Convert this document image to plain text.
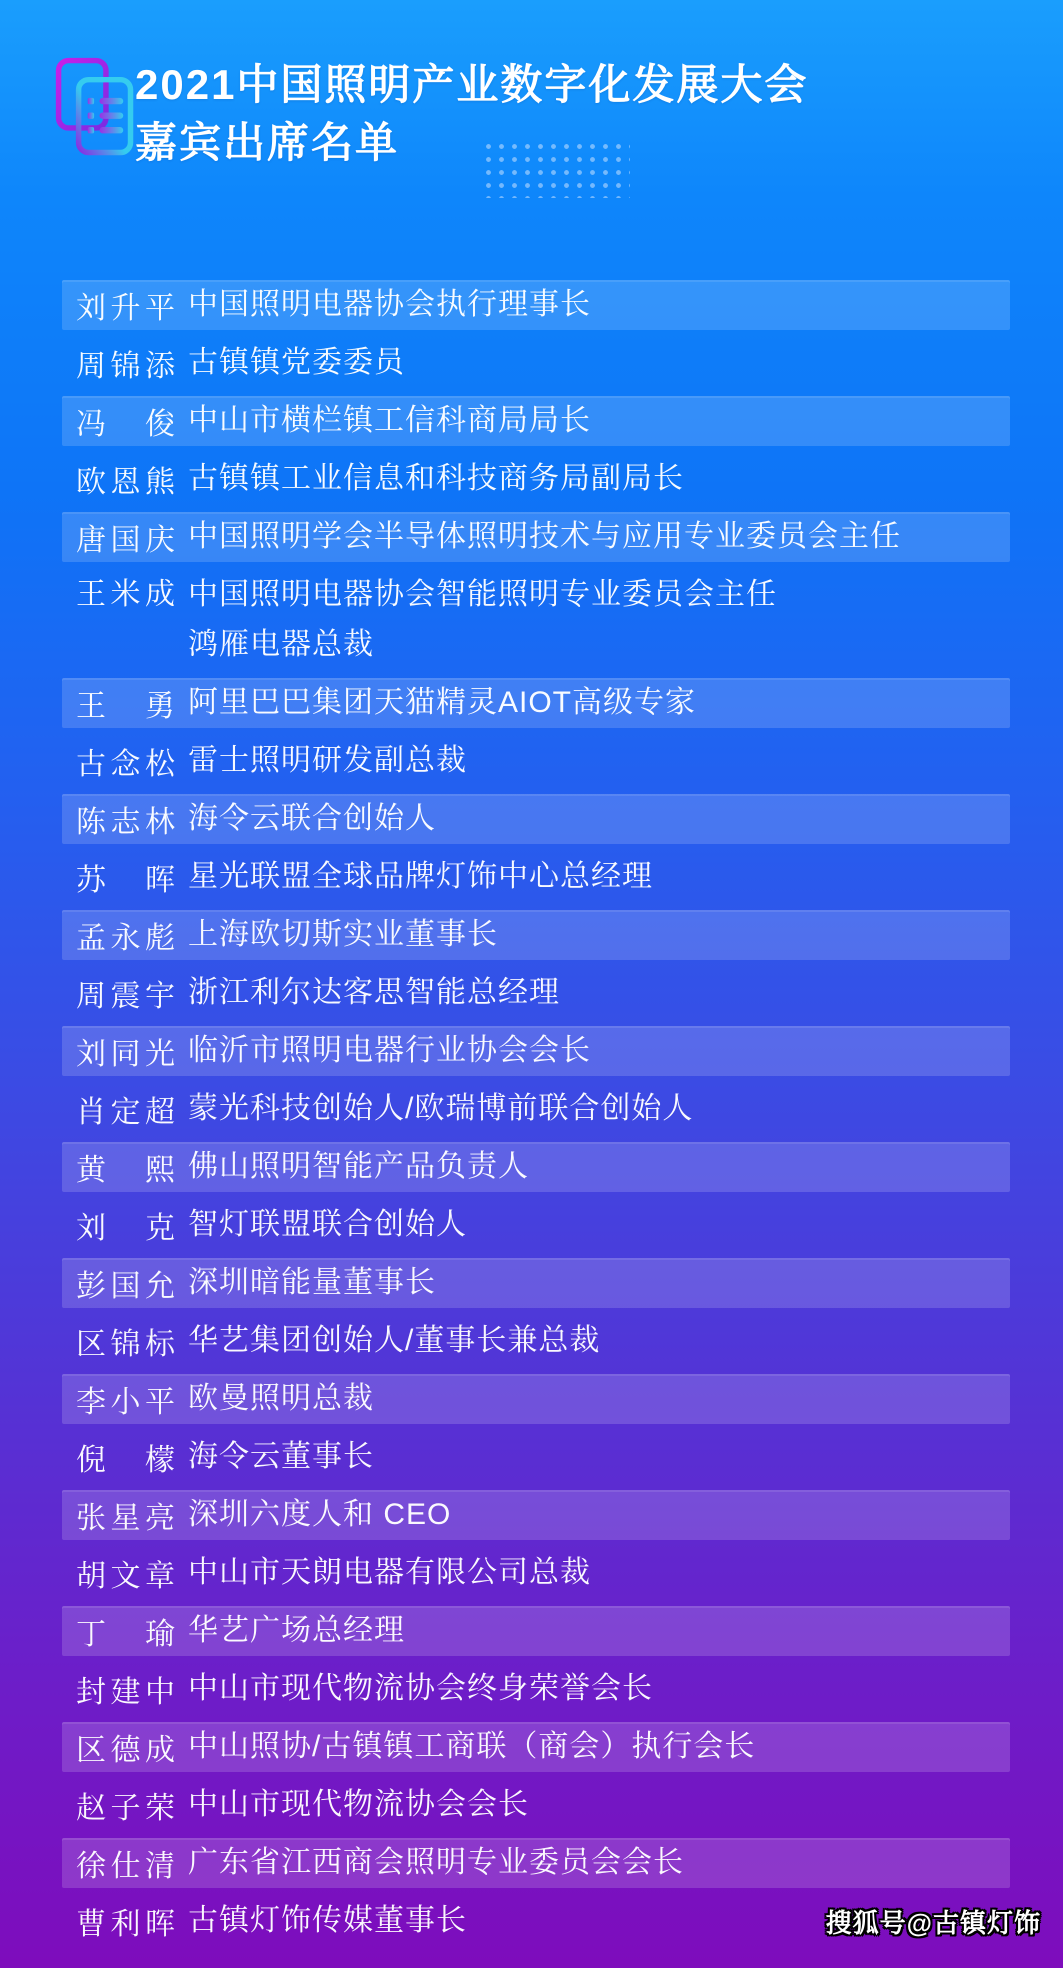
2021中国照明产业数字化发展大会
嘉宾出席名单
刘升平 中国照明电器协会执行理事长
周锦添 古镇镇党委委员
冯俊 中山市横栏镇工信科商局局长
欧恩熊 古镇镇工业信息和科技商务局副局长
唐国庆 中国照明学会半导体照明技术与应用专业委员会主任
王米成 中国照明电器协会智能照明专业委员会主任
鸿雁电器总裁
王勇 阿里巴巴集团天猫精灵AIOT高级专家
古念松 雷士照明研发副总裁
陈志林 海令云联合创始人
苏晖 星光联盟全球品牌灯饰中心总经理
孟永彪 上海欧切斯实业董事长
周震宇 浙江利尔达客思智能总经理
刘同光 临沂市照明电器行业协会会长
肖定超 蒙光科技创始人/欧瑞博前联合创始人
黄熙 佛山照明智能产品负责人
刘克 智灯联盟联合创始人
彭国允 深圳暗能量董事长
区锦标 华艺集团创始人/董事长兼总裁
李小平 欧曼照明总裁
倪檬 海令云董事长
张星亮 深圳六度人和 CEO
胡文章 中山市天朗电器有限公司总裁
丁瑜 华艺广场总经理
封建中 中山市现代物流协会终身荣誉会长
区德成 中山照协/古镇镇工商联（商会）执行会长
赵子荣 中山市现代物流协会会长
徐仕清 广东省江西商会照明专业委员会会长
曹利晖 古镇灯饰传媒董事长	搜狐号@古镇灯饰
